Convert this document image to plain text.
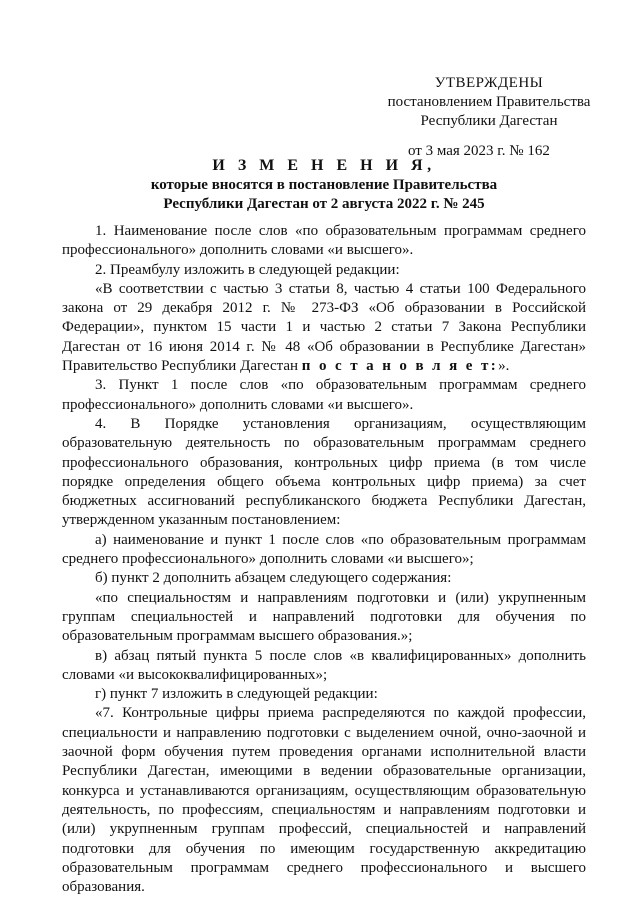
УТВЕРЖДЕНЫ
постановлением Правительства
Республики Дагестан
от 3 мая 2023 г. № 162
И З М Е Н Е Н И Я,
которые вносятся в постановление Правительства
Республики Дагестан от 2 августа 2022 г. № 245

1. Наименование после слов «по образовательным программам среднего профессионального» дополнить словами «и высшего».

2. Преамбулу изложить в следующей редакции:

«В соответствии с частью 3 статьи 8, частью 4 статьи 100 Федерального закона от 29 декабря 2012 г. № 273-ФЗ «Об образовании в Российской Федерации», пунктом 15 части 1 и частью 2 статьи 7 Закона Республики Дагестан от 16 июня 2014 г. № 48 «Об образовании в Республике Дагестан» Правительство Республики Дагестан п о с т а н о в л я е т:».

3. Пункт 1 после слов «по образовательным программам среднего профессионального» дополнить словами «и высшего».

4. В Порядке установления организациям, осуществляющим образовательную деятельность по образовательным программам среднего профессионального образования, контрольных цифр приема (в том числе порядке определения общего объема контрольных цифр приема) за счет бюджетных ассигнований республиканского бюджета Республики Дагестан, утвержденном указанным постановлением:

а) наименование и пункт 1 после слов «по образовательным программам среднего профессионального» дополнить словами «и высшего»;

б) пункт 2 дополнить абзацем следующего содержания:

«по специальностям и направлениям подготовки и (или) укрупненным группам специальностей и направлений подготовки для обучения по образовательным программам высшего образования.»;

в) абзац пятый пункта 5 после слов «в квалифицированных» дополнить словами «и высококвалифицированных»;

г) пункт 7 изложить в следующей редакции:

«7. Контрольные цифры приема распределяются по каждой профессии, специальности и направлению подготовки с выделением очной, очно-заочной и заочной форм обучения путем проведения органами исполнительной власти Республики Дагестан, имеющими в ведении образовательные организации, конкурса и устанавливаются организациям, осуществляющим образовательную деятельность, по профессиям, специальностям и направлениям подготовки и (или) укрупненным группам профессий, специальностей и направлений подготовки для обучения по имеющим государственную аккредитацию образовательным программам среднего профессионального и высшего образования.
